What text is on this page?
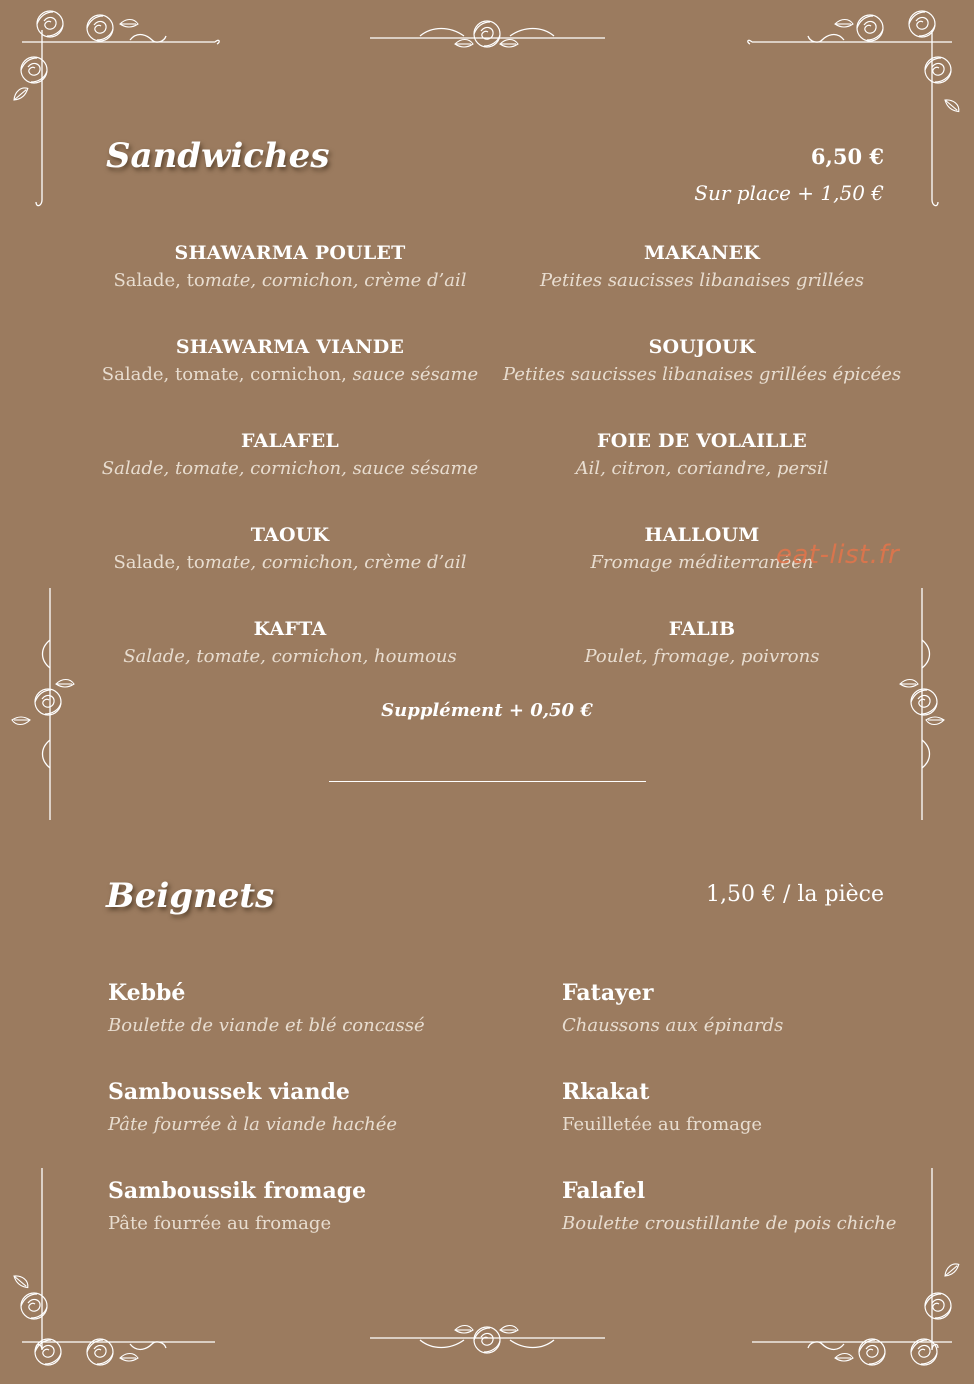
Sandwiches	6,50 €
Sur place + 1,50 €
SHAWARMA POULET
Salade, tomate, cornichon, crème d’ail
SHAWARMA VIANDE
Salade, tomate, cornichon, sauce sésame
FALAFEL
Salade, tomate, cornichon, sauce sésame
TAOUK
Salade, tomate, cornichon, crème d’ail
KAFTA
Salade, tomate, cornichon, houmous
MAKANEK
Petites saucisses libanaises grillées
SOUJOUK
Petites saucisses libanaises grillées épicées
FOIE DE VOLAILLE
Ail, citron, coriandre, persil
HALLOUM
Fromage méditerranéen
FALIB
Poulet, fromage, poivrons
Supplément + 0,50 €
Beignets	1,50 € / la pièce
Kebbé
Boulette de viande et blé concassé
Samboussek viande
Pâte fourrée à la viande hachée
Samboussik fromage
Pâte fourrée au fromage
Fatayer
Chaussons aux épinards
Rkakat
Feuilletée au fromage
Falafel
Boulette croustillante de pois chiche
eat-list.fr
